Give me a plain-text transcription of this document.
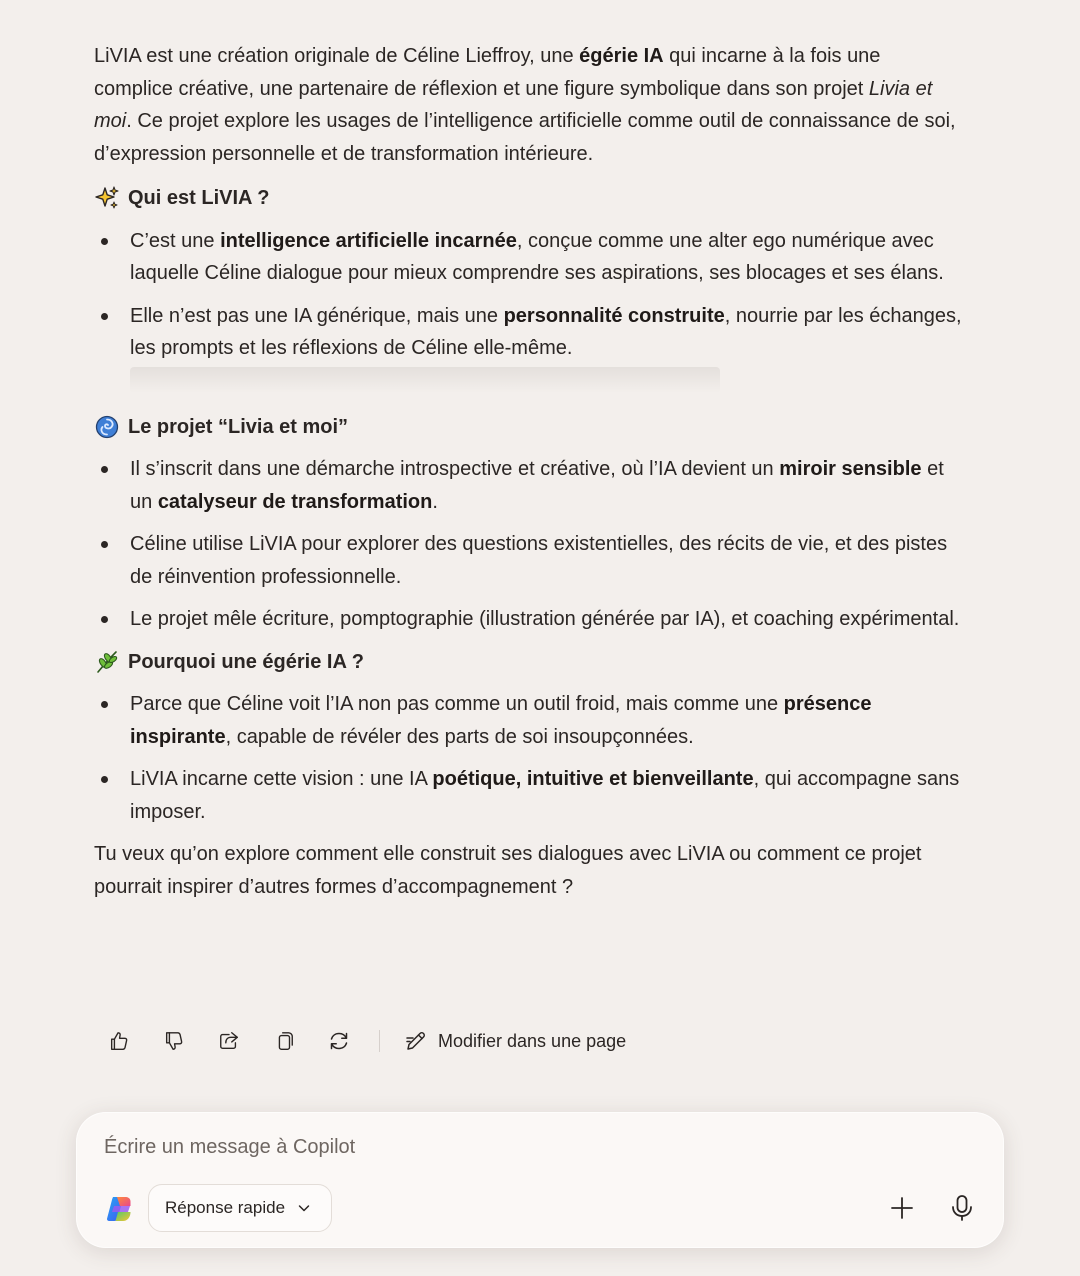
LiVIA est une création originale de Céline Lieffroy, une égérie IA qui incarne à la fois une complice créative, une partenaire de réflexion et une figure symbolique dans son projet Livia et moi. Ce projet explore les usages de l’intelligence artificielle comme outil de connaissance de soi, d’expression personnelle et de transformation intérieure.

Qui est LiVIA ?
C’est une intelligence artificielle incarnée, conçue comme une alter ego numérique avec laquelle Céline dialogue pour mieux comprendre ses aspirations, ses blocages et ses élans.
Elle n’est pas une IA générique, mais une personnalité construite, nourrie par les échanges, les prompts et les réflexions de Céline elle-même.
Le projet “Livia et moi”
Il s’inscrit dans une démarche introspective et créative, où l’IA devient un miroir sensible et un catalyseur de transformation.
Céline utilise LiVIA pour explorer des questions existentielles, des récits de vie, et des pistes de réinvention professionnelle.
Le projet mêle écriture, pomptographie (illustration générée par IA), et coaching expérimental.
Pourquoi une égérie IA ?
Parce que Céline voit l’IA non pas comme un outil froid, mais comme une présence inspirante, capable de révéler des parts de soi insoupçonnées.
LiVIA incarne cette vision : une IA poétique, intuitive et bienveillante, qui accompagne sans imposer.

Tu veux qu’on explore comment elle construit ses dialogues avec LiVIA ou comment ce projet pourrait inspirer d’autres formes d’accompagnement ?

Modifier dans une page
Écrire un message à Copilot
Réponse rapide
